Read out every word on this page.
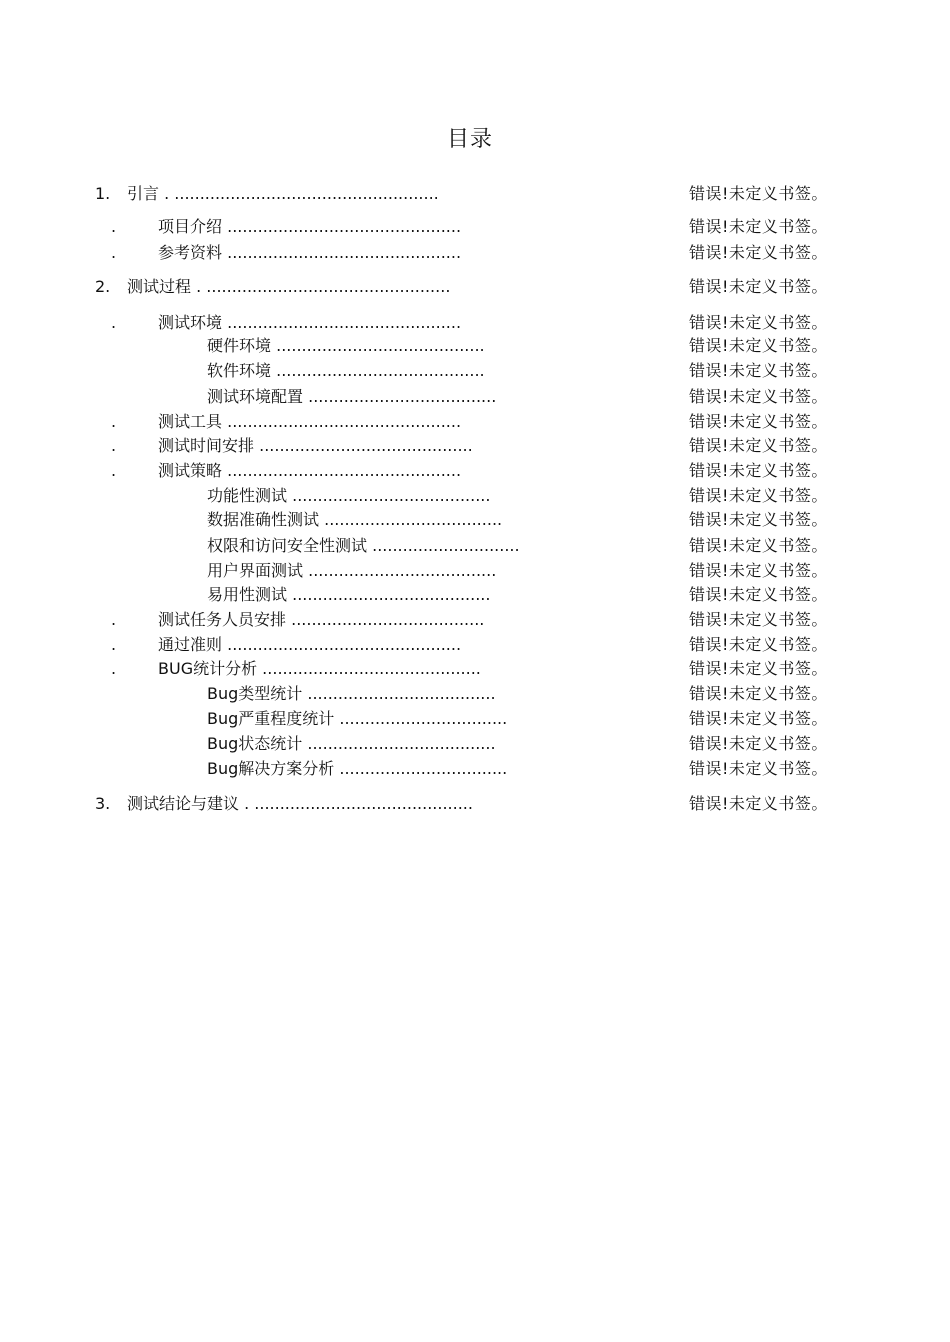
目录
1. 引言 . ....................................................	错误!未定义书签。
.	项目介绍 ..............................................	错误!未定义书签。
.	参考资料 ..............................................	错误!未定义书签。
2. 测试过程 . ................................................	错误!未定义书签。
.	测试环境 ..............................................	错误!未定义书签。
硬件环境 .........................................	错误!未定义书签。
软件环境 .........................................	错误!未定义书签。
测试环境配置 .....................................	错误!未定义书签。
.	测试工具 ..............................................	错误!未定义书签。
.	测试时间安排 ..........................................	错误!未定义书签。
.	测试策略 ..............................................	错误!未定义书签。
功能性测试 .......................................	错误!未定义书签。
数据准确性测试 ...................................	错误!未定义书签。
权限和访问安全性测试 .............................	错误!未定义书签。
用户界面测试 .....................................	错误!未定义书签。
易用性测试 .......................................	错误!未定义书签。
.	测试任务人员安排 ......................................	错误!未定义书签。
.	通过准则 ..............................................	错误!未定义书签。
.	BUG统计分析 ...........................................	错误!未定义书签。
Bug类型统计 .....................................	错误!未定义书签。
Bug严重程度统计 .................................	错误!未定义书签。
Bug状态统计 .....................................	错误!未定义书签。
Bug解决方案分析 .................................	错误!未定义书签。
3. 测试结论与建议 . ...........................................	错误!未定义书签。
